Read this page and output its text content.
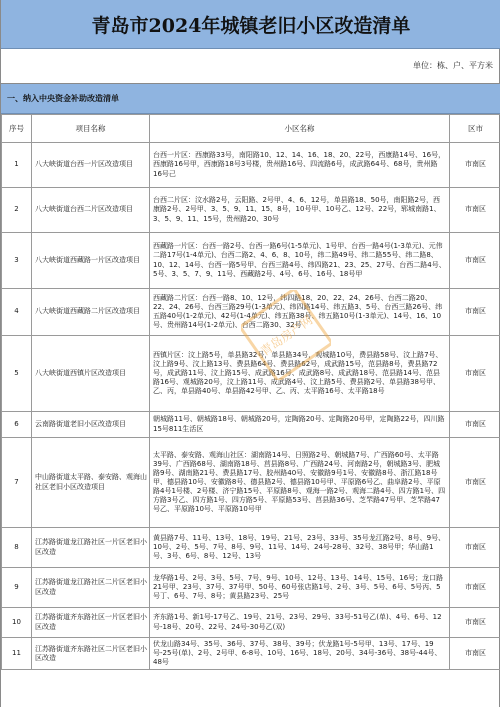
青岛市2024年城镇老旧小区改造清单
单位：栋、户、平方米
一、纳入中央资金补助改造清单
序号	项目名称	小区名称	区市
1	八大峡街道台西一片区改造项目	台西一片区：西康路33号，南阳路10、12、14、16、18、20、22号，西康路14号、16号，西康路16号甲，西康路18号3号楼，贵州路16号、四流路6号，成武路64号、68号，贵州路16号己	市南区
2	八大峡街道台西二片区改造项目	台西二片区：汶水路2号，云阳路、2号甲、4、6、12号，单县路18、50号，南阳路2号，西康路2号、2号甲、3、5、9、11、15、8号，10号甲、10号乙、12号、22号，郓城南路1、3、5、9、11、15号，贵州路20、30号	市南区
3	八大峡街道西藏路一片区改造项目	西藏路一片区：台西一路2号、台西一路6号(1-5单元)、1号甲、台西一路4号(1-3单元)、元伟二路17号(1-4单元)、台西二路2、4、6、8、10号，纬二路49号、纬二路55号、纬二路8、10、12、14号、台西一路5号甲、台西三路4号、纬四路21、23、25、27号、台西二路4号、5号、3、5、7、9、11号、西藏路2号、4号、6号、16号、18号甲	市南区
4	八大峡街道西藏路二片区改造项目	西藏路二片区：台西一路8、10、12号，纬四路18、20、22、24、26号、台西二路20、22、24、26号、台西三路29号(1-3单元)、纬四路14号、纬五路3、5号、台西三路26号、纬五路40号(1-2单元)、42号(1-4单元)、纬五路38号、纬五路10号(1-3单元)、14号、16、10号、贵州路14号(1-2单元)、台西二路30、32号	市南区
5	八大峡街道西镇片区改造项目	西镇片区：汶上路5号，单县路32号，单县路34号，观城路10号，费县路58号、汶上路7号、汶上路9号、汶上路13号、费县路64号、费县路62号，成武路15号，范县路8号，费县路72号，成武路11号、汶上路15号、成武路16号、成武路8号、成武路18号、范县路14号、范县路16号、观城路20号，汶上路11号、成武路4号、汶上路5号、费县路2号、单县路38号甲、乙、丙，单县路40号、单县路42号甲、乙、丙、太平路16号、太平路18号	市南区
6	云南路街道老旧小区改造项目	朝城路11号、朝城路18号、朝城路20号，定陶路20号、定陶路20号甲，定陶路22号，四川路15号811生活区	市南区
7	中山路街道太平路、泰安路、观海山社区老旧小区改造项目	太平路、泰安路、观海山社区：湖南路14号、日照路2号、朝城路7号、广西路60号、太平路39号、广西路68号、湖南路18号、莒县路8号、广西路24号、河南路2号，朝城路3号、肥城路9号、湖南路21号、费县路17号、胶州路40号、安徽路9号1号、安徽路8号、浙江路18号甲、德县路10号、安徽路8号、德县路2号、德县路10号甲、平原路6号乙、曲阜路2号、平原路4号1号楼、2号楼、济宁路15号、平原路8号、观海一路2号、观海二路4号、四方路1号、四方路3号乙、四方路1号、四方路5号、平原路53号、莒县路36号、芝罘路47号甲、芝罘路47号乙、平原路10号、平原路10号甲	市南区
8	江苏路街道龙江路社区一片区老旧小区改造	黄县路7号、11号、13号、18号、19号、21号、23号、33号、35号龙江路2号、8号、9号、10号、2号、5号、7号、8号、9号、11号、14号、24号-28号、32号、38号甲；华山路1号、3号、6号、8号、12号、13号	市南区
9	江苏路街道龙江路社区二片区老旧小区改造	龙华路1号、2号、3号、5号、7号、9号、10号、12号、13号、14号、15号、16号；龙口路21号甲、23号、37号、37号甲、50号、60号张店路1号、2号、3号、5号、6号、5号丙、5号丁、6号、7号、8号；黄县路23号、25号	市南区
10	江苏路街道齐东路社区一片区老旧小区改造	齐东路1号、新1号-17号乙、19号、21号、23号、29号、33号-51号乙(单)、4号、6号、12号-18号、20号、22号、24号-30号乙(双)	市南区
11	江苏路街道齐东路社区二片区老旧小区改造	伏龙山路34号、35号、36号、37号、38号、39号；伏龙路1号-5号甲、13号、17号、19号-25号(单)、2号、2号甲、6-8号、10号、16号、18号、20号、34号-36号、38号-44号、48号	市南区
青岛房产网
